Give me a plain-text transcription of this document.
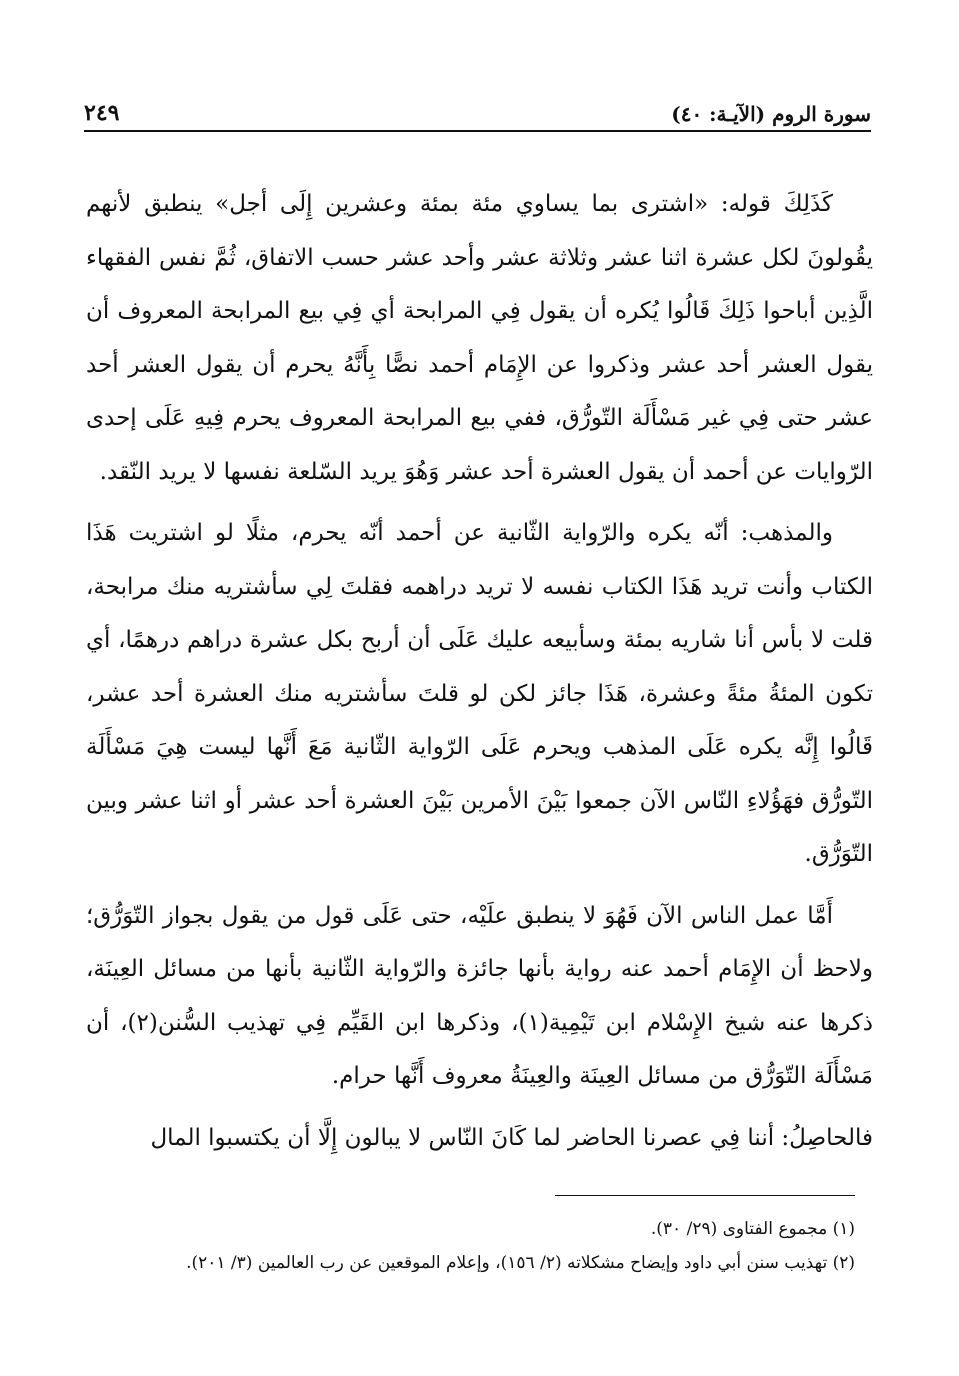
سورة الروم (الآيـة: ٤٠)
٢٤٩

كَذَلِكَ قوله: «اشترى بما يساوي مئة بمئة وعشرين إِلَى أجل» ينطبق لأنهم يقُولونَ لكل عشرة اثنا عشر وثلاثة عشر وأحد عشر حسب الاتفاق، ثُمَّ نفس الفقهاء الَّذِين أباحوا ذَلِكَ قَالُوا يُكره أن يقول فِي المرابحة أي فِي بيع المرابحة المعروف أن يقول العشر أحد عشر وذكروا عن الإِمَام أحمد نصًّا بِأَنَّهُ يحرم أن يقول العشر أحد عشر حتى فِي غير مَسْأَلَة التّورُّق، ففي بيع المرابحة المعروف يحرم فِيهِ عَلَى إحدى الرّوايات عن أحمد أن يقول العشرة أحد عشر وَهُوَ يريد السّلعة نفسها لا يريد النّقد.

والمذهب: أنّه يكره والرّواية الثّانية عن أحمد أنّه يحرم، مثلًا لو اشتريت هَذَا الكتاب وأنت تريد هَذَا الكتاب نفسه لا تريد دراهمه فقلتَ لِي سأشتريه منك مرابحة، قلت لا بأس أنا شاريه بمئة وسأبيعه عليك عَلَى أن أربح بكل عشرة دراهم درهمًا، أي تكون المئةُ مئةً وعشرة، هَذَا جائز لكن لو قلتَ سأشتريه منك العشرة أحد عشر، قَالُوا إِنَّه يكره عَلَى المذهب ويحرم عَلَى الرّواية الثّانية مَعَ أَنَّها ليست هِيَ مَسْأَلَة التّورُّق فهَؤُلاءِ النّاس الآن جمعوا بَيْنَ الأمرين بَيْنَ العشرة أحد عشر أو اثنا عشر وبين التّوَرُّق.

أَمَّا عمل الناس الآن فَهُوَ لا ينطبق علَيْه، حتى عَلَى قول من يقول بجواز التّوَرُّق؛ ولاحظ أن الإِمَام أحمد عنه رواية بأنها جائزة والرّواية الثّانية بأنها من مسائل العِينَة، ذكرها عنه شيخ الإِسْلام ابن تَيْمِية(١)، وذكرها ابن القَيِّم فِي تهذيب السُّنن(٢)، أن مَسْأَلَة التّوَرُّق من مسائل العِينَة والعِينَةُ معروف أَنَّها حرام.

فالحاصِلُ: أننا فِي عصرنا الحاضر لما كَانَ النّاس لا يبالون إِلَّا أن يكتسبوا المال

(١) مجموع الفتاوى (٢٩/ ٣٠).
(٢) تهذيب سنن أبي داود وإيضاح مشكلاته (٢/ ١٥٦)، وإعلام الموقعين عن رب العالمين (٣/ ٢٠١).
